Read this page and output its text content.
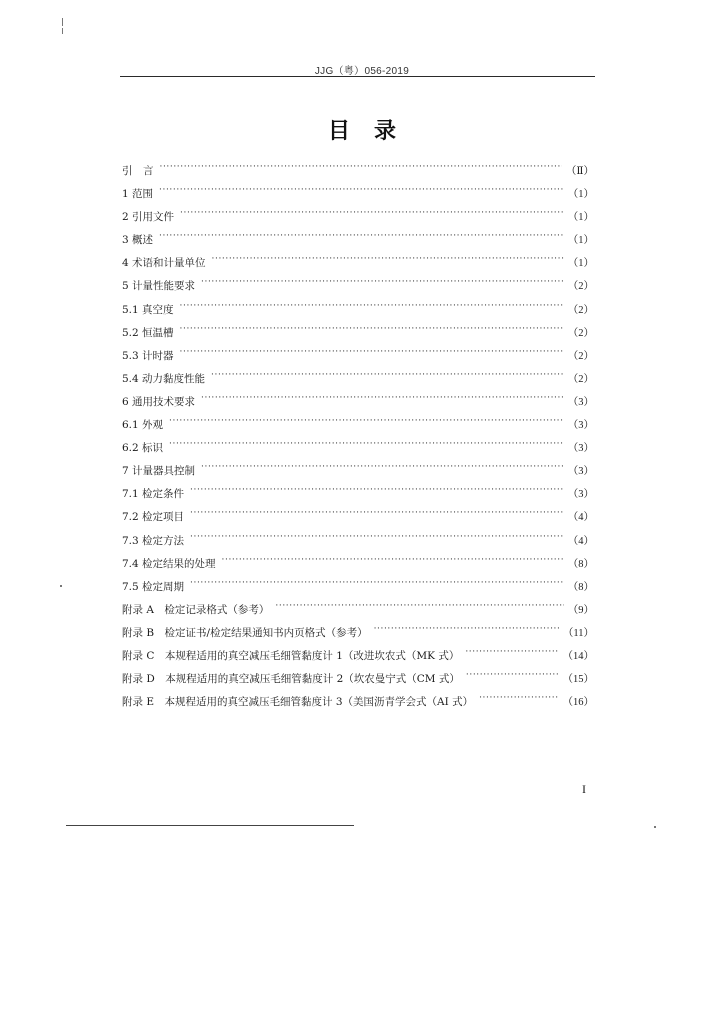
JJG（粤）056-2019
目录
引　言 ·····	（Ⅱ）
1 范围 ·····	（1）
2 引用文件 ·····	（1）
3 概述 ·····	（1）
4 术语和计量单位 ·····	（1）
5 计量性能要求 ·····	（2）
5.1 真空度 ·····	（2）
5.2 恒温槽 ·····	（2）
5.3 计时器 ·····	（2）
5.4 动力黏度性能 ·····	（2）
6 通用技术要求 ·····	（3）
6.1 外观 ·····	（3）
6.2 标识 ·····	（3）
7 计量器具控制 ·····	（3）
7.1 检定条件 ·····	（3）
7.2 检定项目 ·····	（4）
7.3 检定方法 ·····	（4）
7.4 检定结果的处理 ·····	（8）
7.5 检定周期 ·····	（8）
附录 A　检定记录格式（参考） ·····	（9）
附录 B　检定证书/检定结果通知书内页格式（参考） ·····	（11）
附录 C　本规程适用的真空减压毛细管黏度计 1（改进坎农式（MK 式） ·····	（14）
附录 D　本规程适用的真空减压毛细管黏度计 2（坎农曼宁式（CM 式） ·····	（15）
附录 E　本规程适用的真空减压毛细管黏度计 3（美国沥青学会式（AI 式） ·····	（16）
I
